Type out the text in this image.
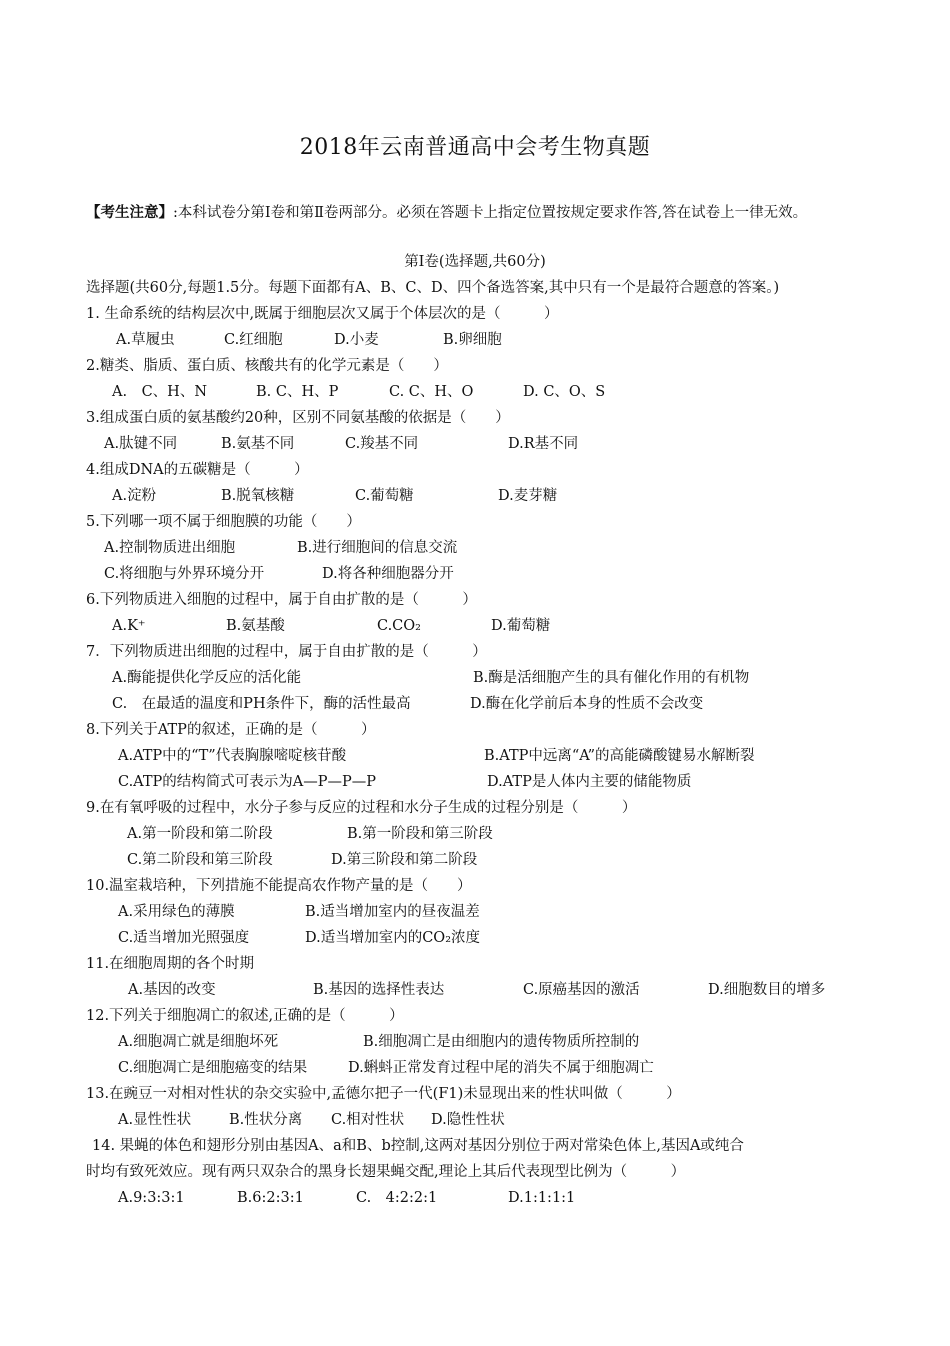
2018年云南普通高中会考生物真题
【考生注意】:本科试卷分第Ⅰ卷和第Ⅱ卷两部分。必须在答题卡上指定位置按规定要求作答,答在试卷上一律无效。
第Ⅰ卷(选择题,共60分)
选择题(共60分,每题1.5分。每题下面都有A、B、C、D、四个备选答案,其中只有一个是最符合题意的答案。)
1. 生命系统的结构层次中,既属于细胞层次又属于个体层次的是（　　　）
A.草履虫	C.红细胞	D.小麦	B.卵细胞
2.糖类、脂质、蛋白质、核酸共有的化学元素是（　　）
A.　C、H、N	B. C、H、P	C. C、H、O	D. C、O、S
3.组成蛋白质的氨基酸约20种，区别不同氨基酸的依据是（　　）
A.肽键不同	B.氨基不同	C.羧基不同	D.R基不同
4.组成DNA的五碳糖是（　　　）
A.淀粉	B.脱氧核糖	C.葡萄糖	D.麦芽糖
5.下列哪一项不属于细胞膜的功能（　　）
A.控制物质进出细胞	B.进行细胞间的信息交流
C.将细胞与外界环境分开	D.将各种细胞器分开
6.下列物质进入细胞的过程中，属于自由扩散的是（　　　）
A.K⁺	B.氨基酸	C.CO₂	D.葡萄糖
7．下列物质进出细胞的过程中，属于自由扩散的是（　　　）
A.酶能提供化学反应的活化能	B.酶是活细胞产生的具有催化作用的有机物
C.　在最适的温度和PH条件下，酶的活性最高	D.酶在化学前后本身的性质不会改变
8.下列关于ATP的叙述，正确的是（　　　）
A.ATP中的“T”代表胸腺嘧啶核苷酸	B.ATP中远离“A”的高能磷酸键易水解断裂
C.ATP的结构简式可表示为A—P—P—P	D.ATP是人体内主要的储能物质
9.在有氧呼吸的过程中，水分子参与反应的过程和水分子生成的过程分别是（　　　）
A.第一阶段和第二阶段	B.第一阶段和第三阶段
C.第二阶段和第三阶段	D.第三阶段和第二阶段
10.温室栽培种，下列措施不能提高农作物产量的是（　　）
A.采用绿色的薄膜	B.适当增加室内的昼夜温差
C.适当增加光照强度	D.适当增加室内的CO₂浓度
11.在细胞周期的各个时期
A.基因的改变	B.基因的选择性表达	C.原癌基因的激活	D.细胞数目的增多
12.下列关于细胞凋亡的叙述,正确的是（　　　）
A.细胞凋亡就是细胞坏死	B.细胞凋亡是由细胞内的遗传物质所控制的
C.细胞凋亡是细胞癌变的结果	D.蝌蚪正常发育过程中尾的消失不属于细胞凋亡
13.在豌豆一对相对性状的杂交实验中,孟德尔把子一代(F1)未显现出来的性状叫做（　　　）
A.显性性状	B.性状分离 C.相对性状 D.隐性性状
14. 果蝇的体色和翅形分别由基因A、a和B、b控制,这两对基因分别位于两对常染色体上,基因A或纯合
时均有致死效应。现有两只双杂合的黑身长翅果蝇交配,理论上其后代表现型比例为（　　　）
A.9:3:3:1	B.6:2:3:1	C.　4:2:2:1	D.1:1:1:1
